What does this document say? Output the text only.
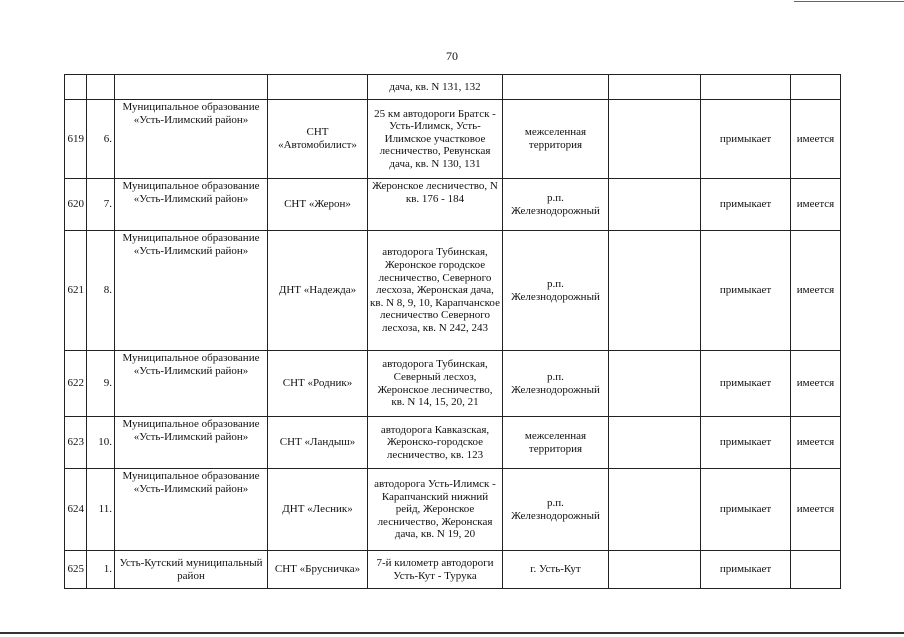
70
				дача, кв. N 131, 132				
619	6.	Муниципальное образование «Усть-Илимский район»	СНТ «Автомобилист»	25 км автодороги Братск - Усть-Илимск, Усть-Илимское участковое лесничество, Ревунская дача, кв. N 130, 131	межселенная территория		примыкает	имеется
620	7.	Муниципальное образование «Усть-Илимский район»	СНТ «Жерон»	Жеронское лесничество, N кв. 176 - 184	р.п. Железнодорожный		примыкает	имеется
621	8.	Муниципальное образование «Усть-Илимский район»	ДНТ «Надежда»	автодорога Тубинская, Жеронское городское лесничество, Северного лесхоза, Жеронская дача, кв. N 8, 9, 10, Карапчанское лесничество Северного лесхоза, кв. N 242, 243	р.п. Железнодорожный		примыкает	имеется
622	9.	Муниципальное образование «Усть-Илимский район»	СНТ «Родник»	автодорога Тубинская, Северный лесхоз, Жеронское лесничество, кв. N 14, 15, 20, 21	р.п. Железнодорожный		примыкает	имеется
623	10.	Муниципальное образование «Усть-Илимский район»	СНТ «Ландыш»	автодорога Кавказская, Жеронско-городское лесничество, кв. 123	межселенная территория		примыкает	имеется
624	11.	Муниципальное образование «Усть-Илимский район»	ДНТ «Лесник»	автодорога Усть-Илимск - Карапчанский нижний рейд, Жеронское лесничество, Жеронская дача, кв. N 19, 20	р.п. Железнодорожный		примыкает	имеется
625	1.	Усть-Кутский муниципальный район	СНТ «Брусничка»	7-й километр автодороги Усть-Кут - Турука	г. Усть-Кут		примыкает	
